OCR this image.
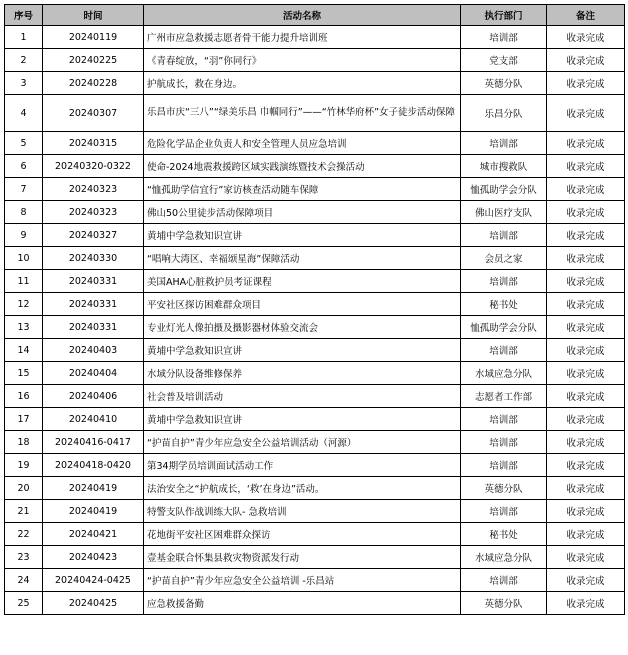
序号	时间	活动名称	执行部门	备注
1	20240119	广州市应急救援志愿者骨干能力提升培训班	培训部	收录完成
2	20240225	《青春绽放，“羽”你同行》	党支部	收录完成
3	20240228	护航成长，救在身边。	英德分队	收录完成
4	20240307	乐昌市庆“三八”“绿美乐昌 巾帼同行”——“竹林华府杯”女子徒步活动保障	乐昌分队	收录完成
5	20240315	危险化学品企业负责人和安全管理人员应急培训	培训部	收录完成
6	20240320-0322	使命-2024地震救援跨区域实践演练暨技术会操活动	城市搜救队	收录完成
7	20240323	“恤孤助学信宜行”家访核查活动随车保障	恤孤助学会分队	收录完成
8	20240323	佛山50公里徒步活动保障项目	佛山医疗支队	收录完成
9	20240327	黄埔中学急救知识宣讲	培训部	收录完成
10	20240330	“唱响大湾区、幸福颂星海”保障活动	会员之家	收录完成
11	20240331	美国AHA心脏救护员考证课程	培训部	收录完成
12	20240331	平安社区探访困难群众项目	秘书处	收录完成
13	20240331	专业灯光人像拍摄及摄影器材体验交流会	恤孤助学会分队	收录完成
14	20240403	黄埔中学急救知识宣讲	培训部	收录完成
15	20240404	水域分队设备维修保养	水域应急分队	收录完成
16	20240406	社会普及培训活动	志愿者工作部	收录完成
17	20240410	黄埔中学急救知识宣讲	培训部	收录完成
18	20240416-0417	“护苗自护”青少年应急安全公益培训活动（河源）	培训部	收录完成
19	20240418-0420	第34期学员培训面试活动工作	培训部	收录完成
20	20240419	法治安全之“护航成长，‘救’在身边”活动。	英德分队	收录完成
21	20240419	特警支队作战训练大队- 急救培训	培训部	收录完成
22	20240421	花地街平安社区困难群众探访	秘书处	收录完成
23	20240423	壹基金联合怀集县救灾物资派发行动	水域应急分队	收录完成
24	20240424-0425	“护苗自护”青少年应急安全公益培训 -乐昌站	培训部	收录完成
25	20240425	应急救援备勤	英德分队	收录完成
